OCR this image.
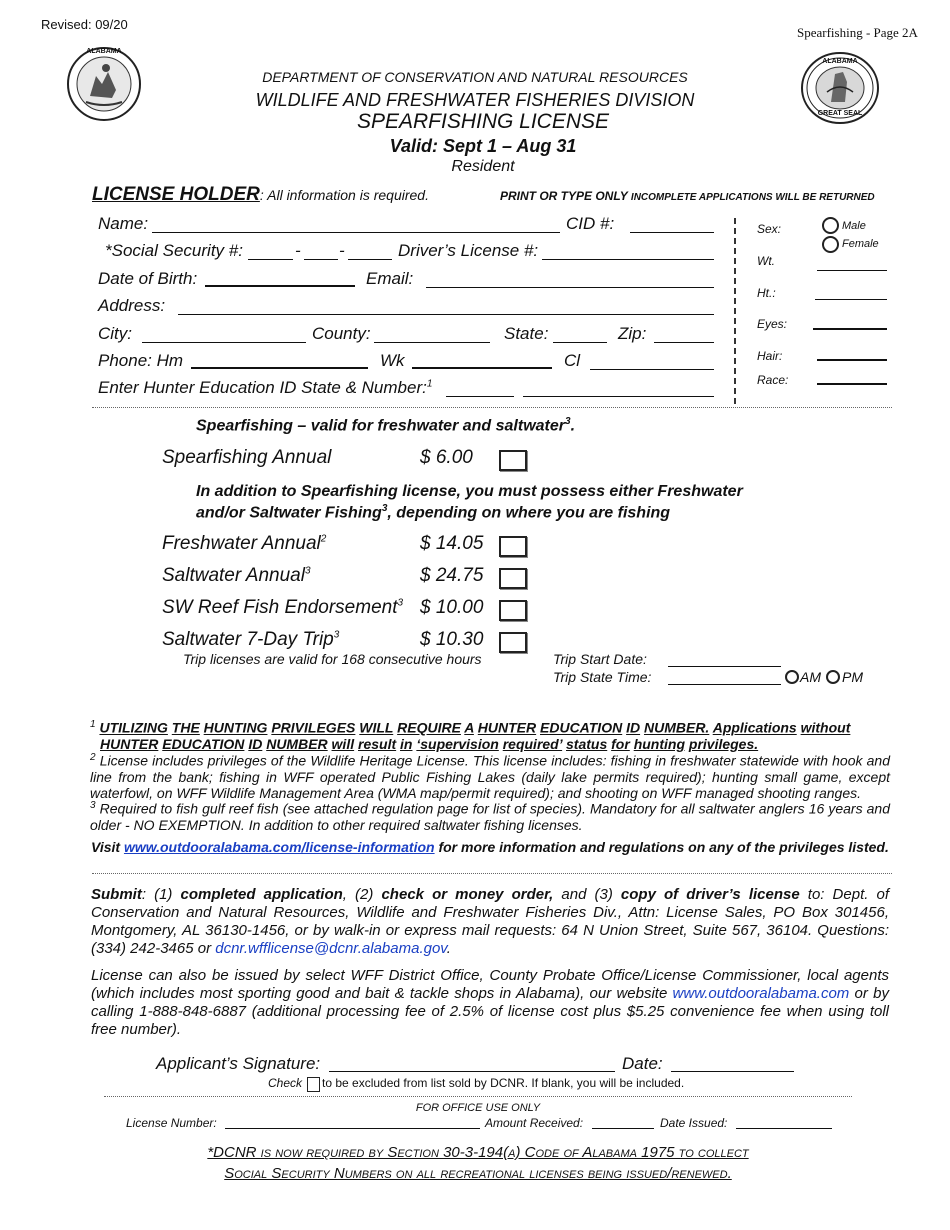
Revised: 09/20
Spearfishing - Page 2A
ALABAMA
ALABAMA
GREAT SEAL
DEPARTMENT OF CONSERVATION AND NATURAL RESOURCES
WILDLIFE AND FRESHWATER FISHERIES DIVISION
SPEARFISHING LICENSE
Valid: Sept 1 – Aug 31
Resident
LICENSE HOLDER: All information is required.	PRINT OR TYPE ONLY INCOMPLETE APPLICATIONS WILL BE RETURNED
Name:	CID #:
*Social Security #:	- -	Driver’s License #:
Date of Birth:	Email:
Address:
City:	County:	State:	Zip:
Phone: Hm	Wk	Cl
Enter Hunter Education ID State & Number:$^1$
Sex:	Male
Female
Wt.
Ht.:
Eyes:
Hair:
Race:
Spearfishing – valid for freshwater and saltwater$^3$.
Spearfishing Annual	$ 6.00
In addition to Spearfishing license, you must possess either Freshwater
and/or Saltwater Fishing$^3$, depending on where you are fishing
Freshwater Annual$^2$	$ 14.05
Saltwater Annual$^3$	$ 24.75
SW Reef Fish Endorsement$^3$ $ 10.00
Saltwater 7-Day Trip$^3$	$ 10.30
Trip licenses are valid for 168 consecutive hours	Trip Start Date:
Trip State Time:	AM PM
$^1$ UTILIZING THE HUNTING PRIVILEGES WILL REQUIRE A HUNTER EDUCATION ID NUMBER. Applications without
HUNTER EDUCATION ID NUMBER will result in ‘supervision required’ status for hunting privileges.
$^2$ License includes privileges of the Wildlife Heritage License. This license includes: fishing in freshwater statewide with hook and line from the bank; fishing in WFF operated Public Fishing Lakes (daily lake permits required); hunting small game, except waterfowl, on WFF Wildlife Management Area (WMA map/permit required); and shooting on WFF managed shooting ranges.
$^3$ Required to fish gulf reef fish (see attached regulation page for list of species). Mandatory for all saltwater anglers 16 years and older - NO EXEMPTION. In addition to other required saltwater fishing licenses.
Visit www.outdooralabama.com/license-information for more information and regulations on any of the privileges listed.
Submit: (1) completed application, (2) check or money order, and (3) copy of driver’s license to: Dept. of Conservation and Natural Resources, Wildlife and Freshwater Fisheries Div., Attn: License Sales, PO Box 301456, Montgomery, AL 36130-1456, or by walk-in or express mail requests: 64 N Union Street, Suite 567, 36104. Questions: (334) 242-3465 or dcnr.wfflicense@dcnr.alabama.gov.
License can also be issued by select WFF District Office, County Probate Office/License Commissioner, local agents (which includes most sporting good and bait & tackle shops in Alabama), our website www.outdooralabama.com or by calling 1-888-848-6887 (additional processing fee of 2.5% of license cost plus $5.25 convenience fee when using toll free number).
Applicant’s Signature:	Date:
Check to be excluded from list sold by DCNR. If blank, you will be included.
FOR OFFICE USE ONLY
License Number:	Amount Received:	Date Issued:
*DCNR is now required by Section 30-3-194(a) Code of Alabama 1975 to collect
Social Security Numbers on all recreational licenses being issued/renewed.
